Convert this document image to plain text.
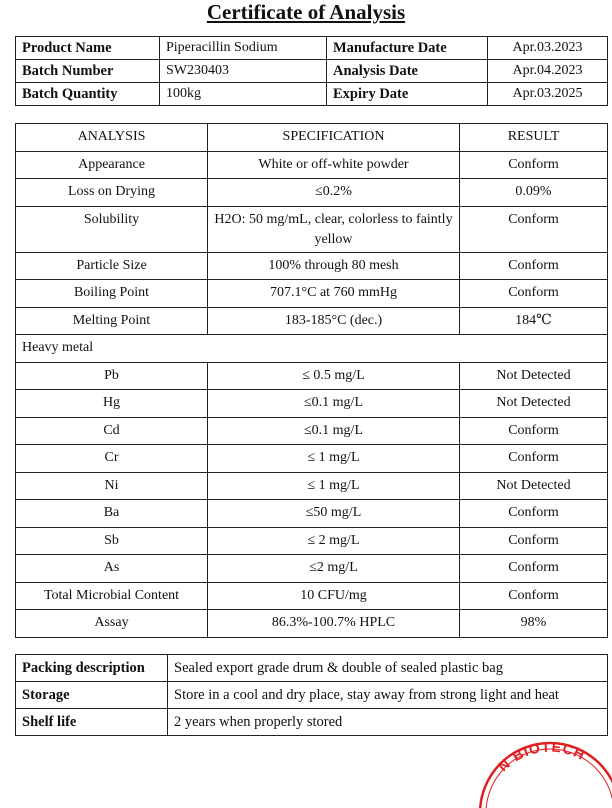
Certificate of Analysis
Product Name	Piperacillin Sodium	Manufacture Date	Apr.03.2023
Batch Number	SW230403	Analysis Date	Apr.04.2023
Batch Quantity	100kg	Expiry Date	Apr.03.2025
ANALYSIS	SPECIFICATION	RESULT
Appearance	White or off-white powder	Conform
Loss on Drying	≤0.2%	0.09%
Solubility	H2O: 50 mg/mL, clear, colorless to faintly yellow	Conform
Particle Size	100% through 80 mesh	Conform
Boiling Point	707.1°C at 760 mmHg	Conform
Melting Point	183-185°C (dec.)	184℃
Heavy metal		
Pb	≤ 0.5 mg/L	Not Detected
Hg	≤0.1 mg/L	Not Detected
Cd	≤0.1 mg/L	Conform
Cr	≤ 1 mg/L	Conform
Ni	≤ 1 mg/L	Not Detected
Ba	≤50 mg/L	Conform
Sb	≤ 2 mg/L	Conform
As	≤2 mg/L	Conform
Total Microbial Content	10 CFU/mg	Conform
Assay	86.3%-100.7% HPLC	98%
Packing description	Sealed export grade drum & double of sealed plastic bag
Storage	Store in a cool and dry place, stay away from strong light and heat
Shelf life	2 years when properly stored
N BIOTECH
